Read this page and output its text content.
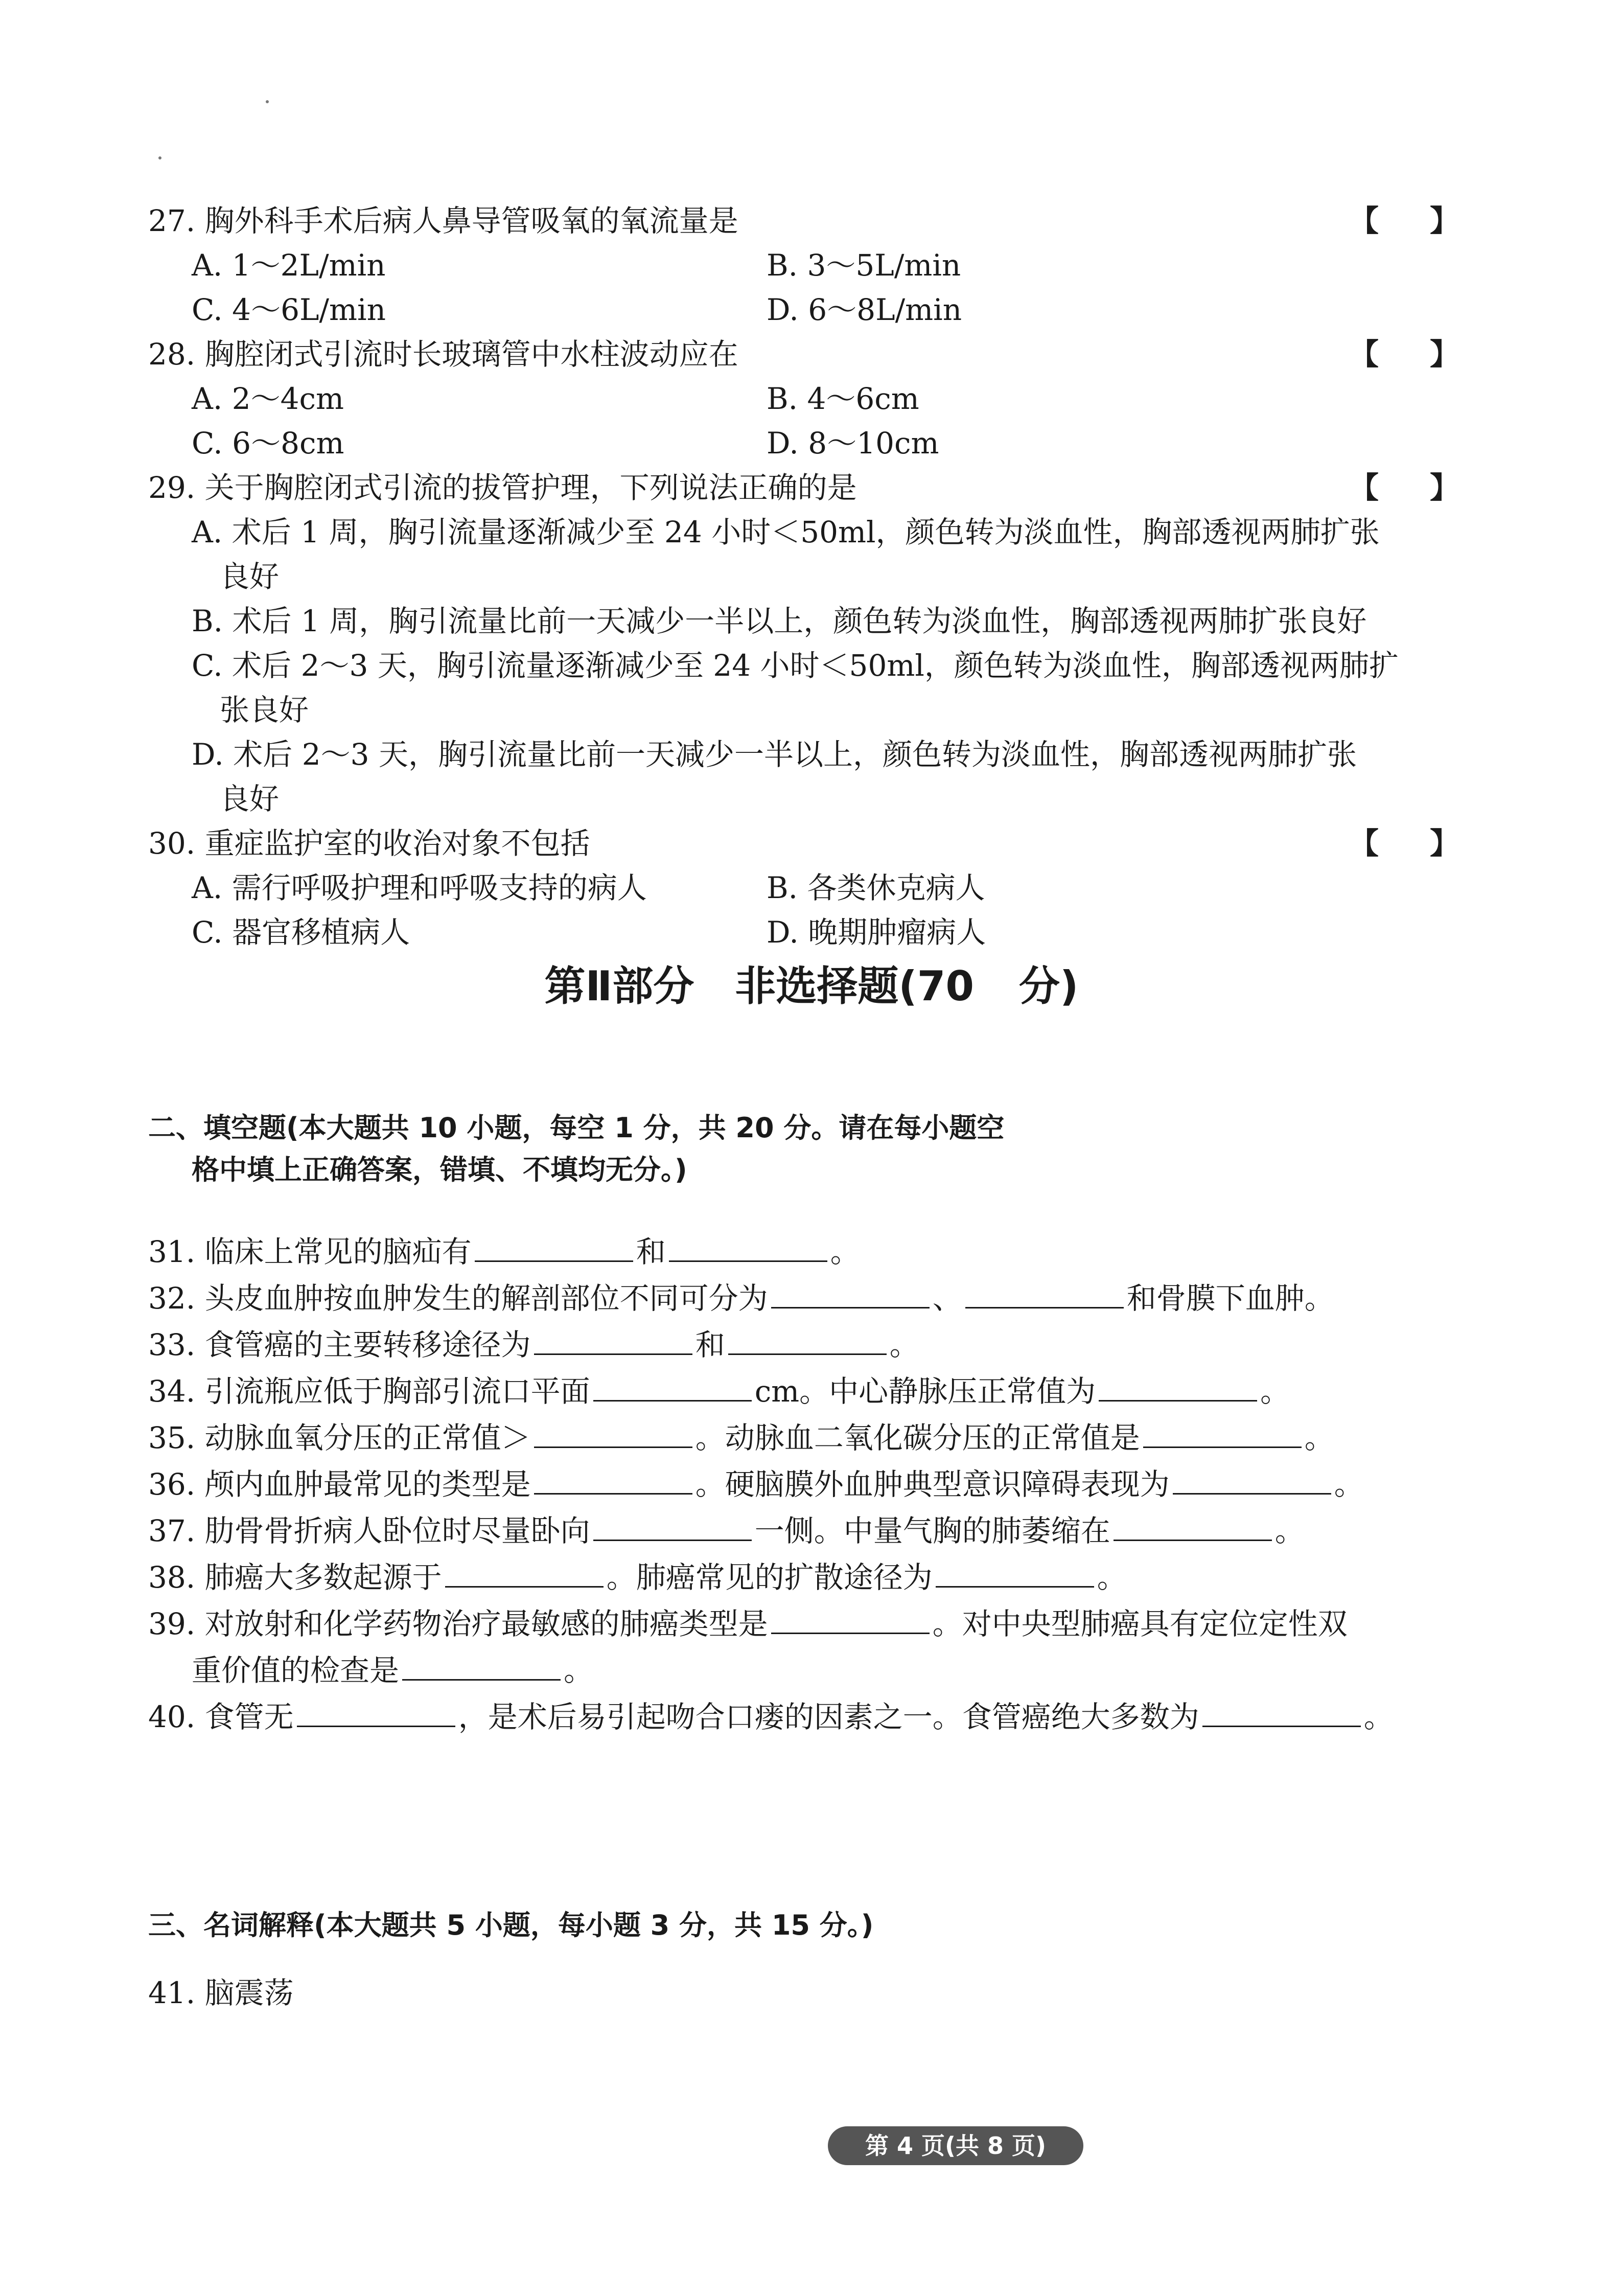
27. 胸外科手术后病人鼻导管吸氧的氧流量是	【】
A. 1～2L/min	B. 3～5L/min
C. 4～6L/min	D. 6～8L/min
28. 胸腔闭式引流时长玻璃管中水柱波动应在	【】
A. 2～4cm	B. 4～6cm
C. 6～8cm	D. 8～10cm
29. 关于胸腔闭式引流的拔管护理，下列说法正确的是	【】
A. 术后 1 周，胸引流量逐渐减少至 24 小时＜50ml，颜色转为淡血性，胸部透视两肺扩张
良好
B. 术后 1 周，胸引流量比前一天减少一半以上，颜色转为淡血性，胸部透视两肺扩张良好
C. 术后 2～3 天，胸引流量逐渐减少至 24 小时＜50ml，颜色转为淡血性，胸部透视两肺扩
张良好
D. 术后 2～3 天，胸引流量比前一天减少一半以上，颜色转为淡血性，胸部透视两肺扩张
良好
30. 重症监护室的收治对象不包括	【】
A. 需行呼吸护理和呼吸支持的病人	B. 各类休克病人
C. 器官移植病人	D. 晚期肿瘤病人
第Ⅱ部分　非选择题(70 分)
二、填空题(本大题共 10 小题，每空 1 分，共 20 分。请在每小题空
格中填上正确答案，错填、不填均无分。)
31. 临床上常见的脑疝有	和	。
32. 头皮血肿按血肿发生的解剖部位不同可分为	、	和骨膜下血肿。
33. 食管癌的主要转移途径为	和	。
34. 引流瓶应低于胸部引流口平面	cm。中心静脉压正常值为	。
35. 动脉血氧分压的正常值＞	。动脉血二氧化碳分压的正常值是	。
36. 颅内血肿最常见的类型是	。硬脑膜外血肿典型意识障碍表现为	。
37. 肋骨骨折病人卧位时尽量卧向	一侧。中量气胸的肺萎缩在	。
38. 肺癌大多数起源于	。肺癌常见的扩散途径为	。
39. 对放射和化学药物治疗最敏感的肺癌类型是	。对中央型肺癌具有定位定性双
重价值的检查是	。
40. 食管无	，是术后易引起吻合口瘘的因素之一。食管癌绝大多数为	。
三、名词解释(本大题共 5 小题，每小题 3 分，共 15 分。)
41. 脑震荡
第 4 页(共 8 页)
